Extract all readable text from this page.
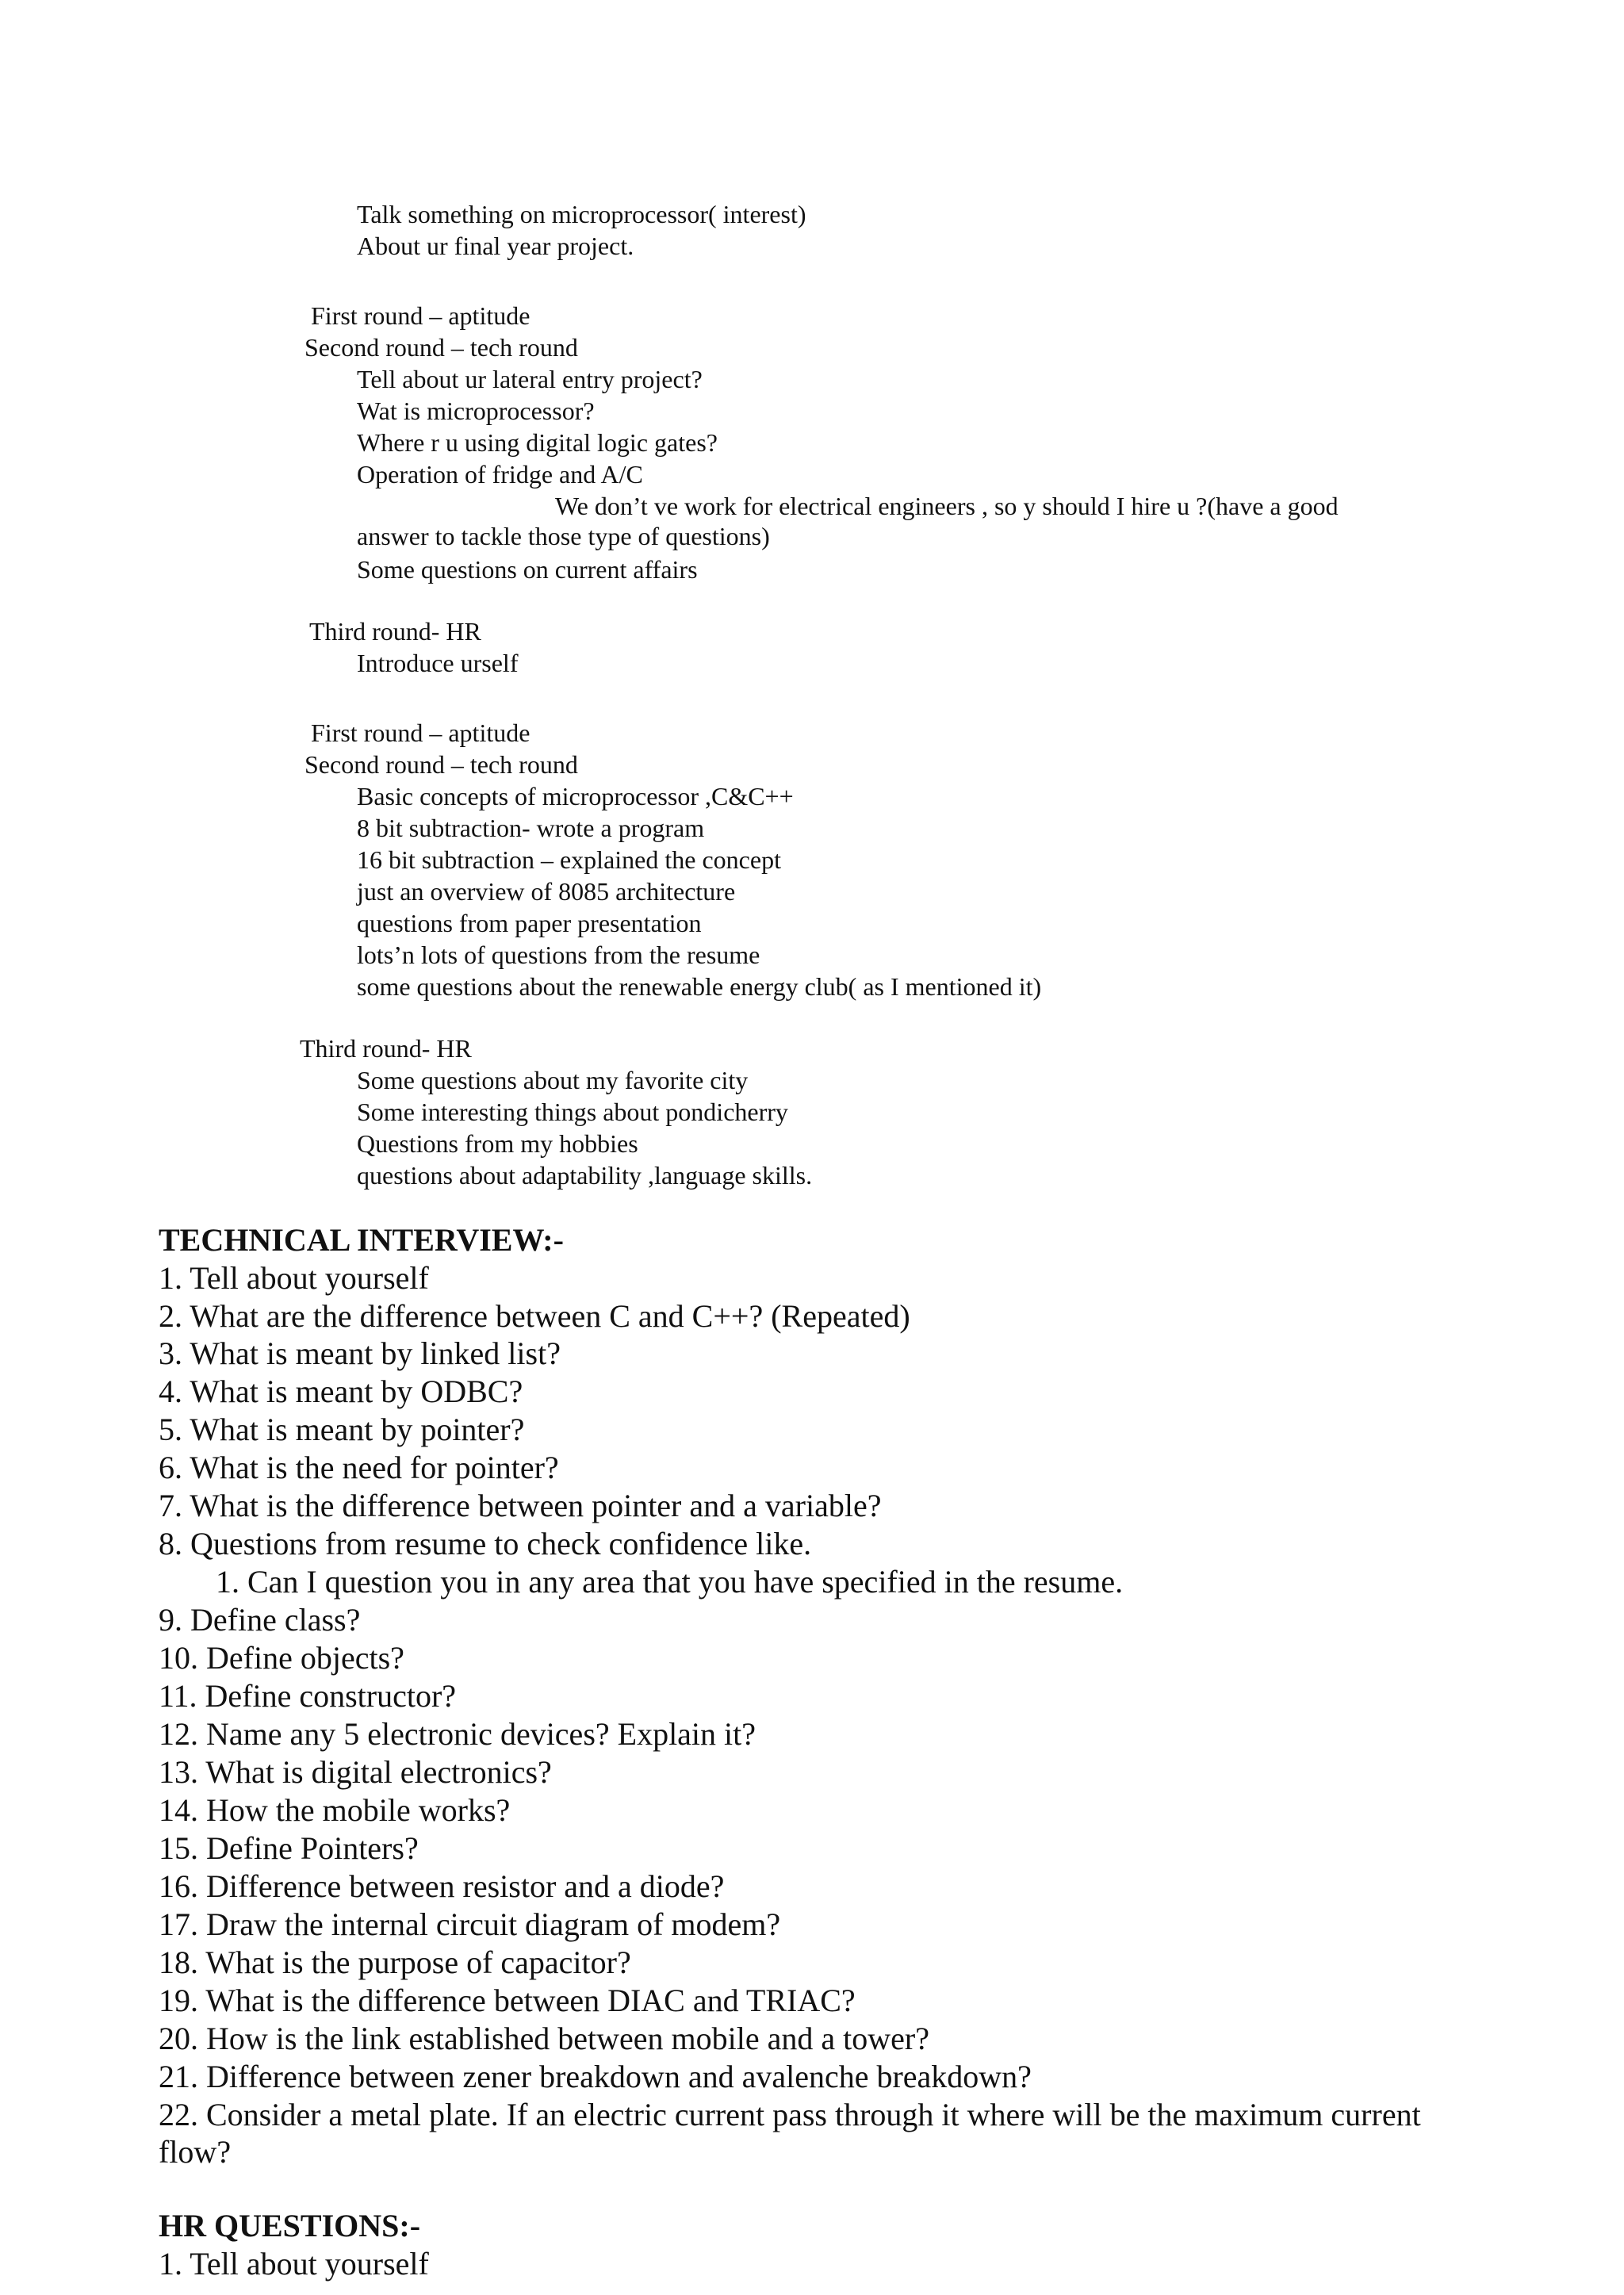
Talk something on microprocessor( interest)
About ur final year project.
First round – aptitude
Second round – tech round
Tell about ur lateral entry project?
Wat is microprocessor?
Where r u using digital logic gates?
Operation of fridge and A/C
We don’t ve work for electrical engineers , so y should I hire u ?(have a good
answer to tackle those type of questions)
Some questions on current affairs
Third round- HR
Introduce urself
First round – aptitude
Second round – tech round
Basic concepts of microprocessor ,C&C++
8 bit subtraction- wrote a program
16 bit subtraction – explained the concept
just an overview of 8085 architecture
questions from paper presentation
lots’n lots of questions from the resume
some questions about the renewable energy club( as I mentioned it)
Third round- HR
Some questions about my favorite city
Some interesting things about pondicherry
Questions from my hobbies
questions about adaptability ,language skills.
TECHNICAL INTERVIEW:-
1. Tell about yourself
2. What are the difference between C and C++? (Repeated)
3. What is meant by linked list?
4. What is meant by ODBC?
5. What is meant by pointer?
6. What is the need for pointer?
7. What is the difference between pointer and a variable?
8. Questions from resume to check confidence like.
1. Can I question you in any area that you have specified in the resume.
9. Define class?
10. Define objects?
11. Define constructor?
12. Name any 5 electronic devices? Explain it?
13. What is digital electronics?
14. How the mobile works?
15. Define Pointers?
16. Difference between resistor and a diode?
17. Draw the internal circuit diagram of modem?
18. What is the purpose of capacitor?
19. What is the difference between DIAC and TRIAC?
20. How is the link established between mobile and a tower?
21. Difference between zener breakdown and avalenche breakdown?
22. Consider a metal plate. If an electric current pass through it where will be the maximum current flow?
HR QUESTIONS:-
1. Tell about yourself
